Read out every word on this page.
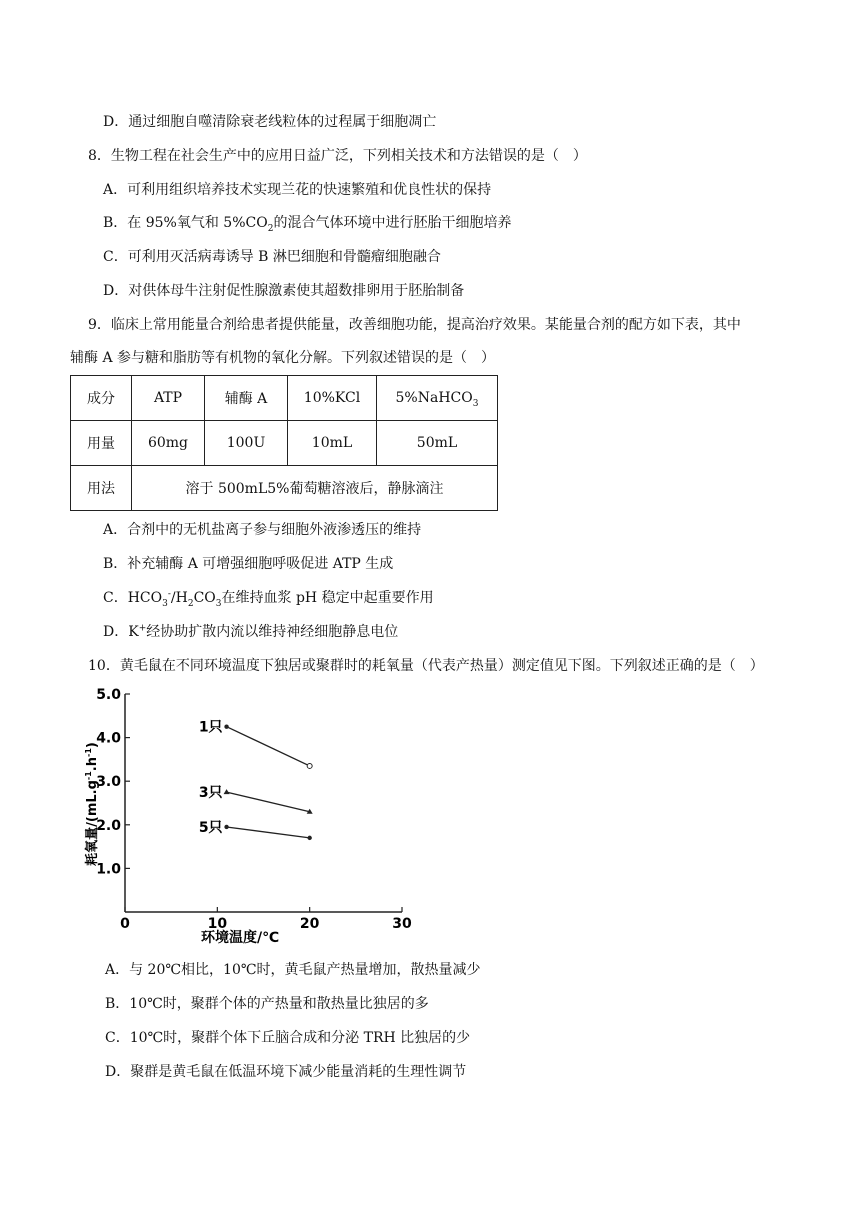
D．通过细胞自噬清除衰老线粒体的过程属于细胞凋亡
8．生物工程在社会生产中的应用日益广泛，下列相关技术和方法错误的是（　）
A．可利用组织培养技术实现兰花的快速繁殖和优良性状的保持
B．在 95%氧气和 $5\%CO_2$的混合气体环境中进行胚胎干细胞培养
C．可利用灭活病毒诱导 B 淋巴细胞和骨髓瘤细胞融合
D．对供体母牛注射促性腺激素使其超数排卵用于胚胎制备
9．临床上常用能量合剂给患者提供能量，改善细胞功能，提高治疗效果。某能量合剂的配方如下表，其中
辅酶 A 参与糖和脂肪等有机物的氧化分解。下列叙述错误的是（　）
成分	ATP	辅酶 A	10%KCl	5%NaHCO$_3$
用量	60mg	100U	10mL	50mL
用法	溶于 500mL5%葡萄糖溶液后，静脉滴注			
A．合剂中的无机盐离子参与细胞外液渗透压的维持
B．补充辅酶 A 可增强细胞呼吸促进 ATP 生成
C．$HCO_3^-/H_2CO_3$在维持血浆 pH 稳定中起重要作用
D．K+经协助扩散内流以维持神经细胞静息电位
10．黄毛鼠在不同环境温度下独居或聚群时的耗氧量（代表产热量）测定值见下图。下列叙述正确的是（　）
1.0
2.0
3.0
4.0
5.0
0	10	20	30
1只
3只
5只
耗氧量$/(mL.g^{-1}.h^{-1})$
环境温度/℃
A．与 20℃相比，10℃时，黄毛鼠产热量增加，散热量减少
B．10℃时，聚群个体的产热量和散热量比独居的多
C．10℃时，聚群个体下丘脑合成和分泌 TRH 比独居的少
D．聚群是黄毛鼠在低温环境下减少能量消耗的生理性调节
